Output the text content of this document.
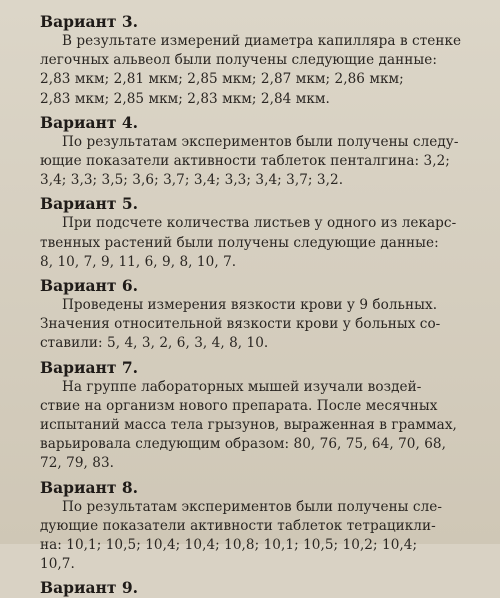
Вариант 3.

В результате измерений диаметра капилляра в стенке
легочных альвеол были получены следующие данные:
2,83 мкм; 2,81 мкм; 2,85 мкм; 2,87 мкм; 2,86 мкм;
2,83 мкм; 2,85 мкм; 2,83 мкм; 2,84 мкм.

Вариант 4.

По результатам экспериментов были получены следу-
ющие показатели активности таблеток пенталгина: 3,2;
3,4; 3,3; 3,5; 3,6; 3,7; 3,4; 3,3; 3,4; 3,7; 3,2.

Вариант 5.

При подсчете количества листьев у одного из лекарс-
твенных растений были получены следующие данные:
8, 10, 7, 9, 11, 6, 9, 8, 10, 7.

Вариант 6.

Проведены измерения вязкости крови у 9 больных.
Значения относительной вязкости крови у больных со-
ставили: 5, 4, 3, 2, 6, 3, 4, 8, 10.

Вариант 7.

На группе лабораторных мышей изучали воздей-
ствие на организм нового препарата. После месячных
испытаний масса тела грызунов, выраженная в граммах,
варьировала следующим образом: 80, 76, 75, 64, 70, 68,
72, 79, 83.

Вариант 8.

По результатам экспериментов были получены сле-
дующие показатели активности таблеток тетрацикли-
на: 10,1; 10,5; 10,4; 10,4; 10,8; 10,1; 10,5; 10,2; 10,4;
10,7.

Вариант 9.
